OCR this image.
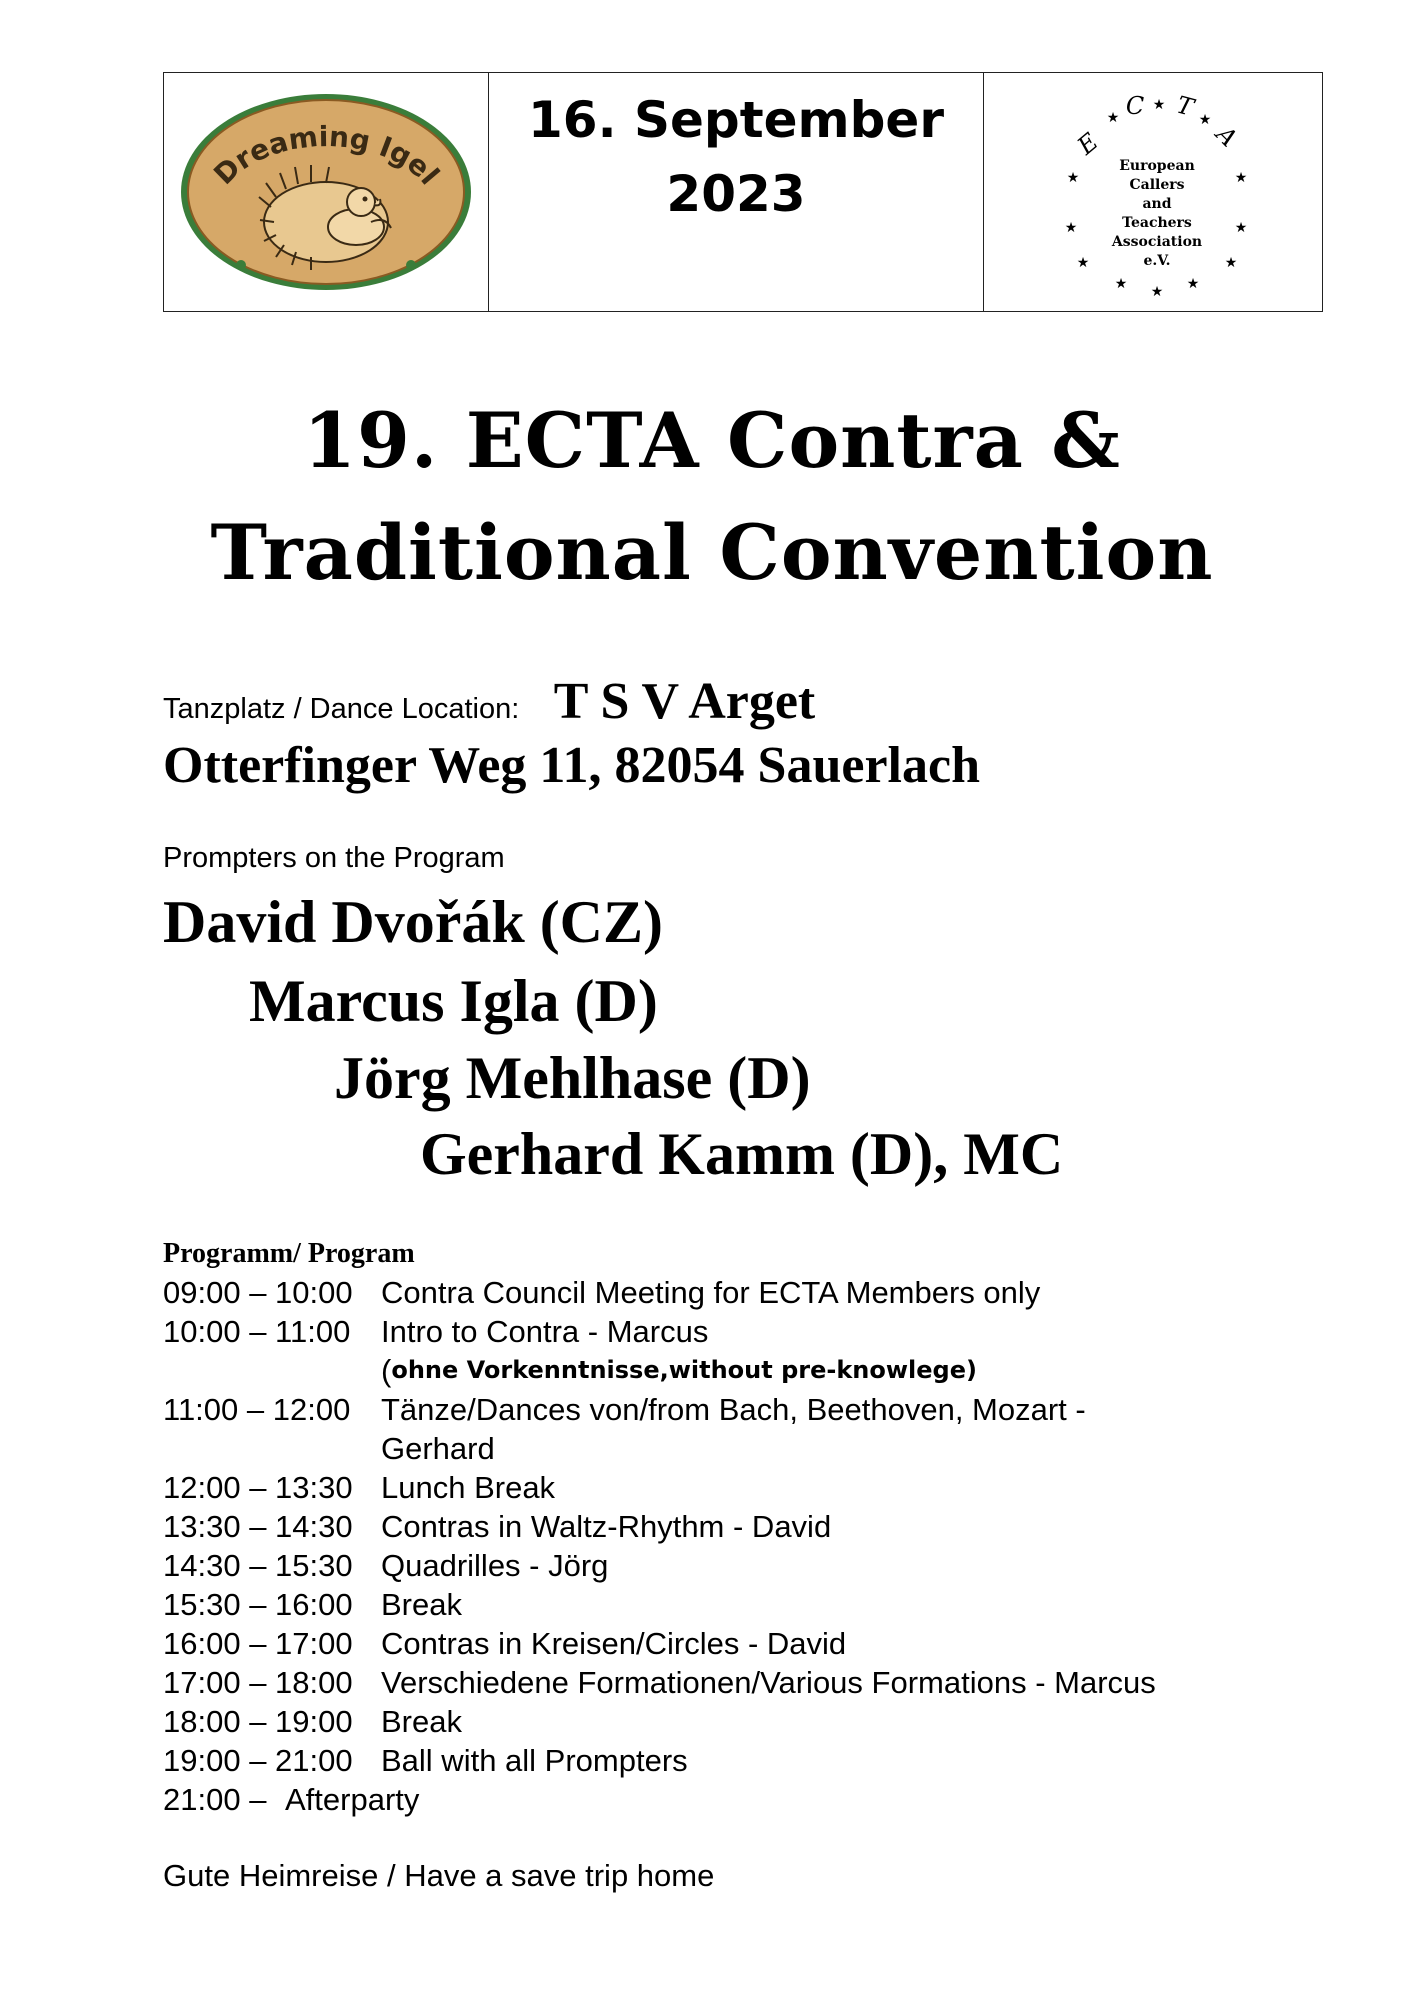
Dreaming Igel
16. September
2023
E
C T
A
★
★
★
★	★
★	★
★	★
★	★
★
European
Callers
and
Teachers
Association
e.V.
19. ECTA Contra &
Traditional Convention
Tanzplatz / Dance Location: T S V Arget
Otterfinger Weg 11, 82054 Sauerlach
Prompters on the Program
David Dvořák (CZ)
Marcus Igla (D)
Jörg Mehlhase (D)
Gerhard Kamm (D), MC
Programm/ Program
09:00 – 10:00 Contra Council Meeting for ECTA Members only
10:00 – 11:00 Intro to Contra - Marcus
( ohne Vorkenntnisse,without pre-knowlege)
11:00 – 12:00 Tänze/Dances von/from Bach, Beethoven, Mozart -
Gerhard
12:00 – 13:30 Lunch Break
13:30 – 14:30 Contras in Waltz-Rhythm - David
14:30 – 15:30 Quadrilles - Jörg
15:30 – 16:00 Break
16:00 – 17:00 Contras in Kreisen/Circles - David
17:00 – 18:00 Verschiedene Formationen/Various Formations - Marcus
18:00 – 19:00 Break
19:00 – 21:00 Ball with all Prompters
21:00 – Afterparty
Gute Heimreise / Have a save trip home
